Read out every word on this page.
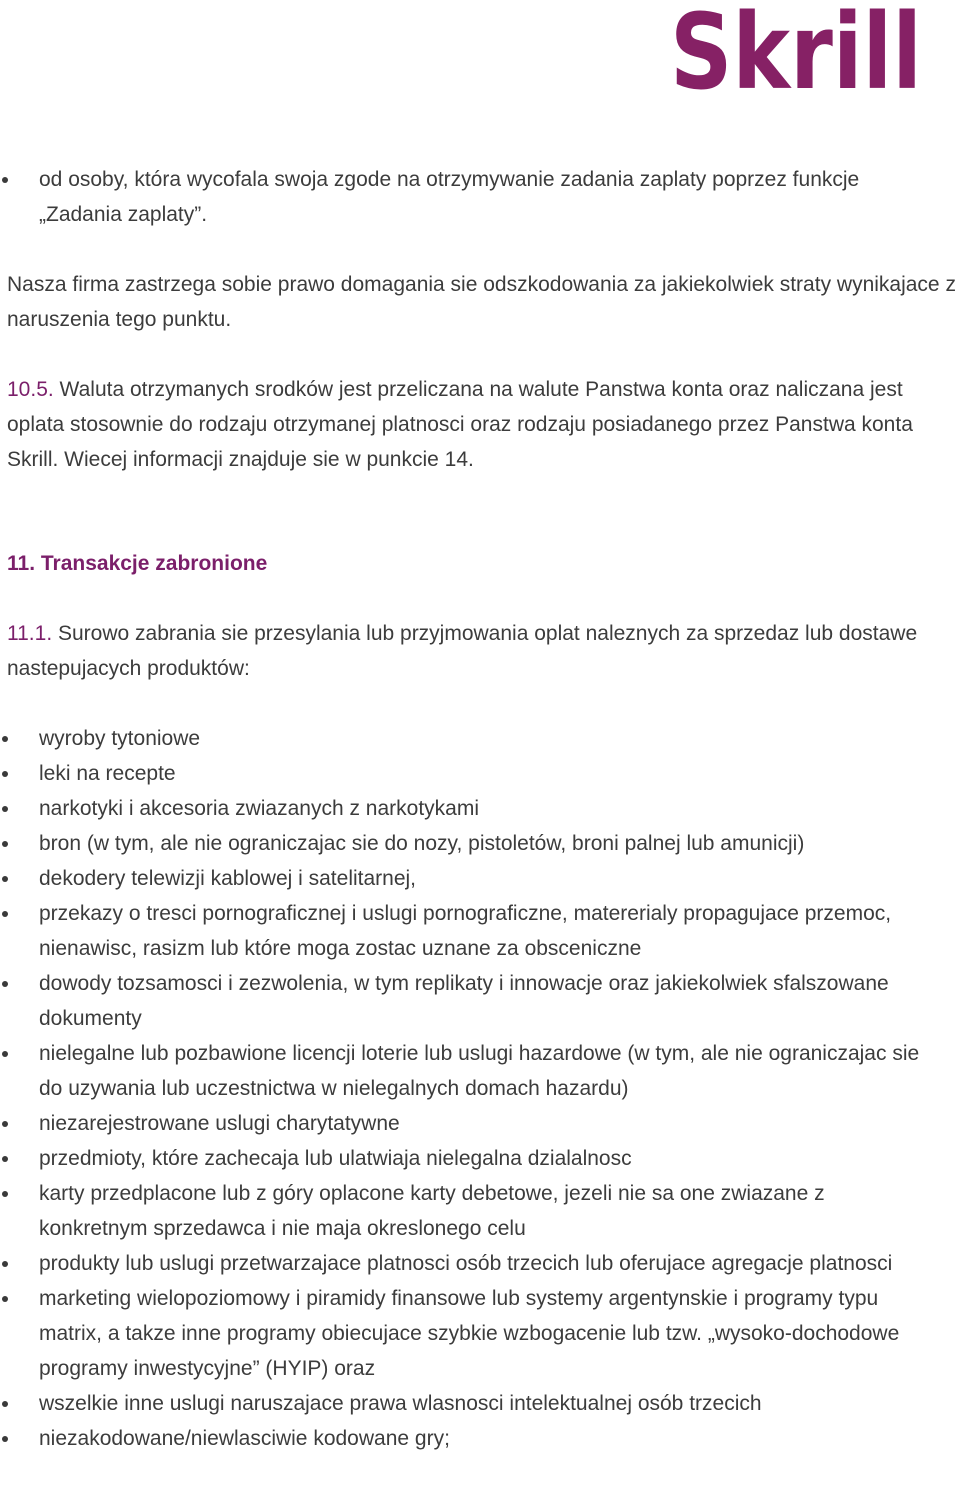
Skrill
od osoby, która wycofala swoja zgode na otrzymywanie zadania zaplaty poprzez funkcje „Zadania zaplaty”.

Nasza firma zastrzega sobie prawo domagania sie odszkodowania za jakiekolwiek straty wynikajace z naruszenia tego punktu.

10.5. Waluta otrzymanych srodków jest przeliczana na walute Panstwa konta oraz naliczana jest oplata stosownie do rodzaju otrzymanej platnosci oraz rodzaju posiadanego przez Panstwa konta Skrill. Wiecej informacji znajduje sie w punkcie 14.

11. Transakcje zabronione

11.1. Surowo zabrania sie przesylania lub przyjmowania oplat naleznych za sprzedaz lub dostawe nastepujacych produktów:

wyroby tytoniowe
leki na recepte
narkotyki i akcesoria zwiazanych z narkotykami
bron (w tym, ale nie ograniczajac sie do nozy, pistoletów, broni palnej lub amunicji)
dekodery telewizji kablowej i satelitarnej,
przekazy o tresci pornograficznej i uslugi pornograficzne, matererialy propagujace przemoc, nienawisc, rasizm lub które moga zostac uznane za obsceniczne
dowody tozsamosci i zezwolenia, w tym replikaty i innowacje oraz jakiekolwiek sfalszowane dokumenty
nielegalne lub pozbawione licencji loterie lub uslugi hazardowe (w tym, ale nie ograniczajac sie do uzywania lub uczestnictwa w nielegalnych domach hazardu)
niezarejestrowane uslugi charytatywne
przedmioty, które zachecaja lub ulatwiaja nielegalna dzialalnosc
karty przedplacone lub z góry oplacone karty debetowe, jezeli nie sa one zwiazane z konkretnym sprzedawca i nie maja okreslonego celu
produkty lub uslugi przetwarzajace platnosci osób trzecich lub oferujace agregacje platnosci
marketing wielopoziomowy i piramidy finansowe lub systemy argentynskie i programy typu matrix, a takze inne programy obiecujace szybkie wzbogacenie lub tzw. „wysoko-dochodowe programy inwestycyjne” (HYIP) oraz
wszelkie inne uslugi naruszajace prawa wlasnosci intelektualnej osób trzecich
niezakodowane/niewlasciwie kodowane gry;
